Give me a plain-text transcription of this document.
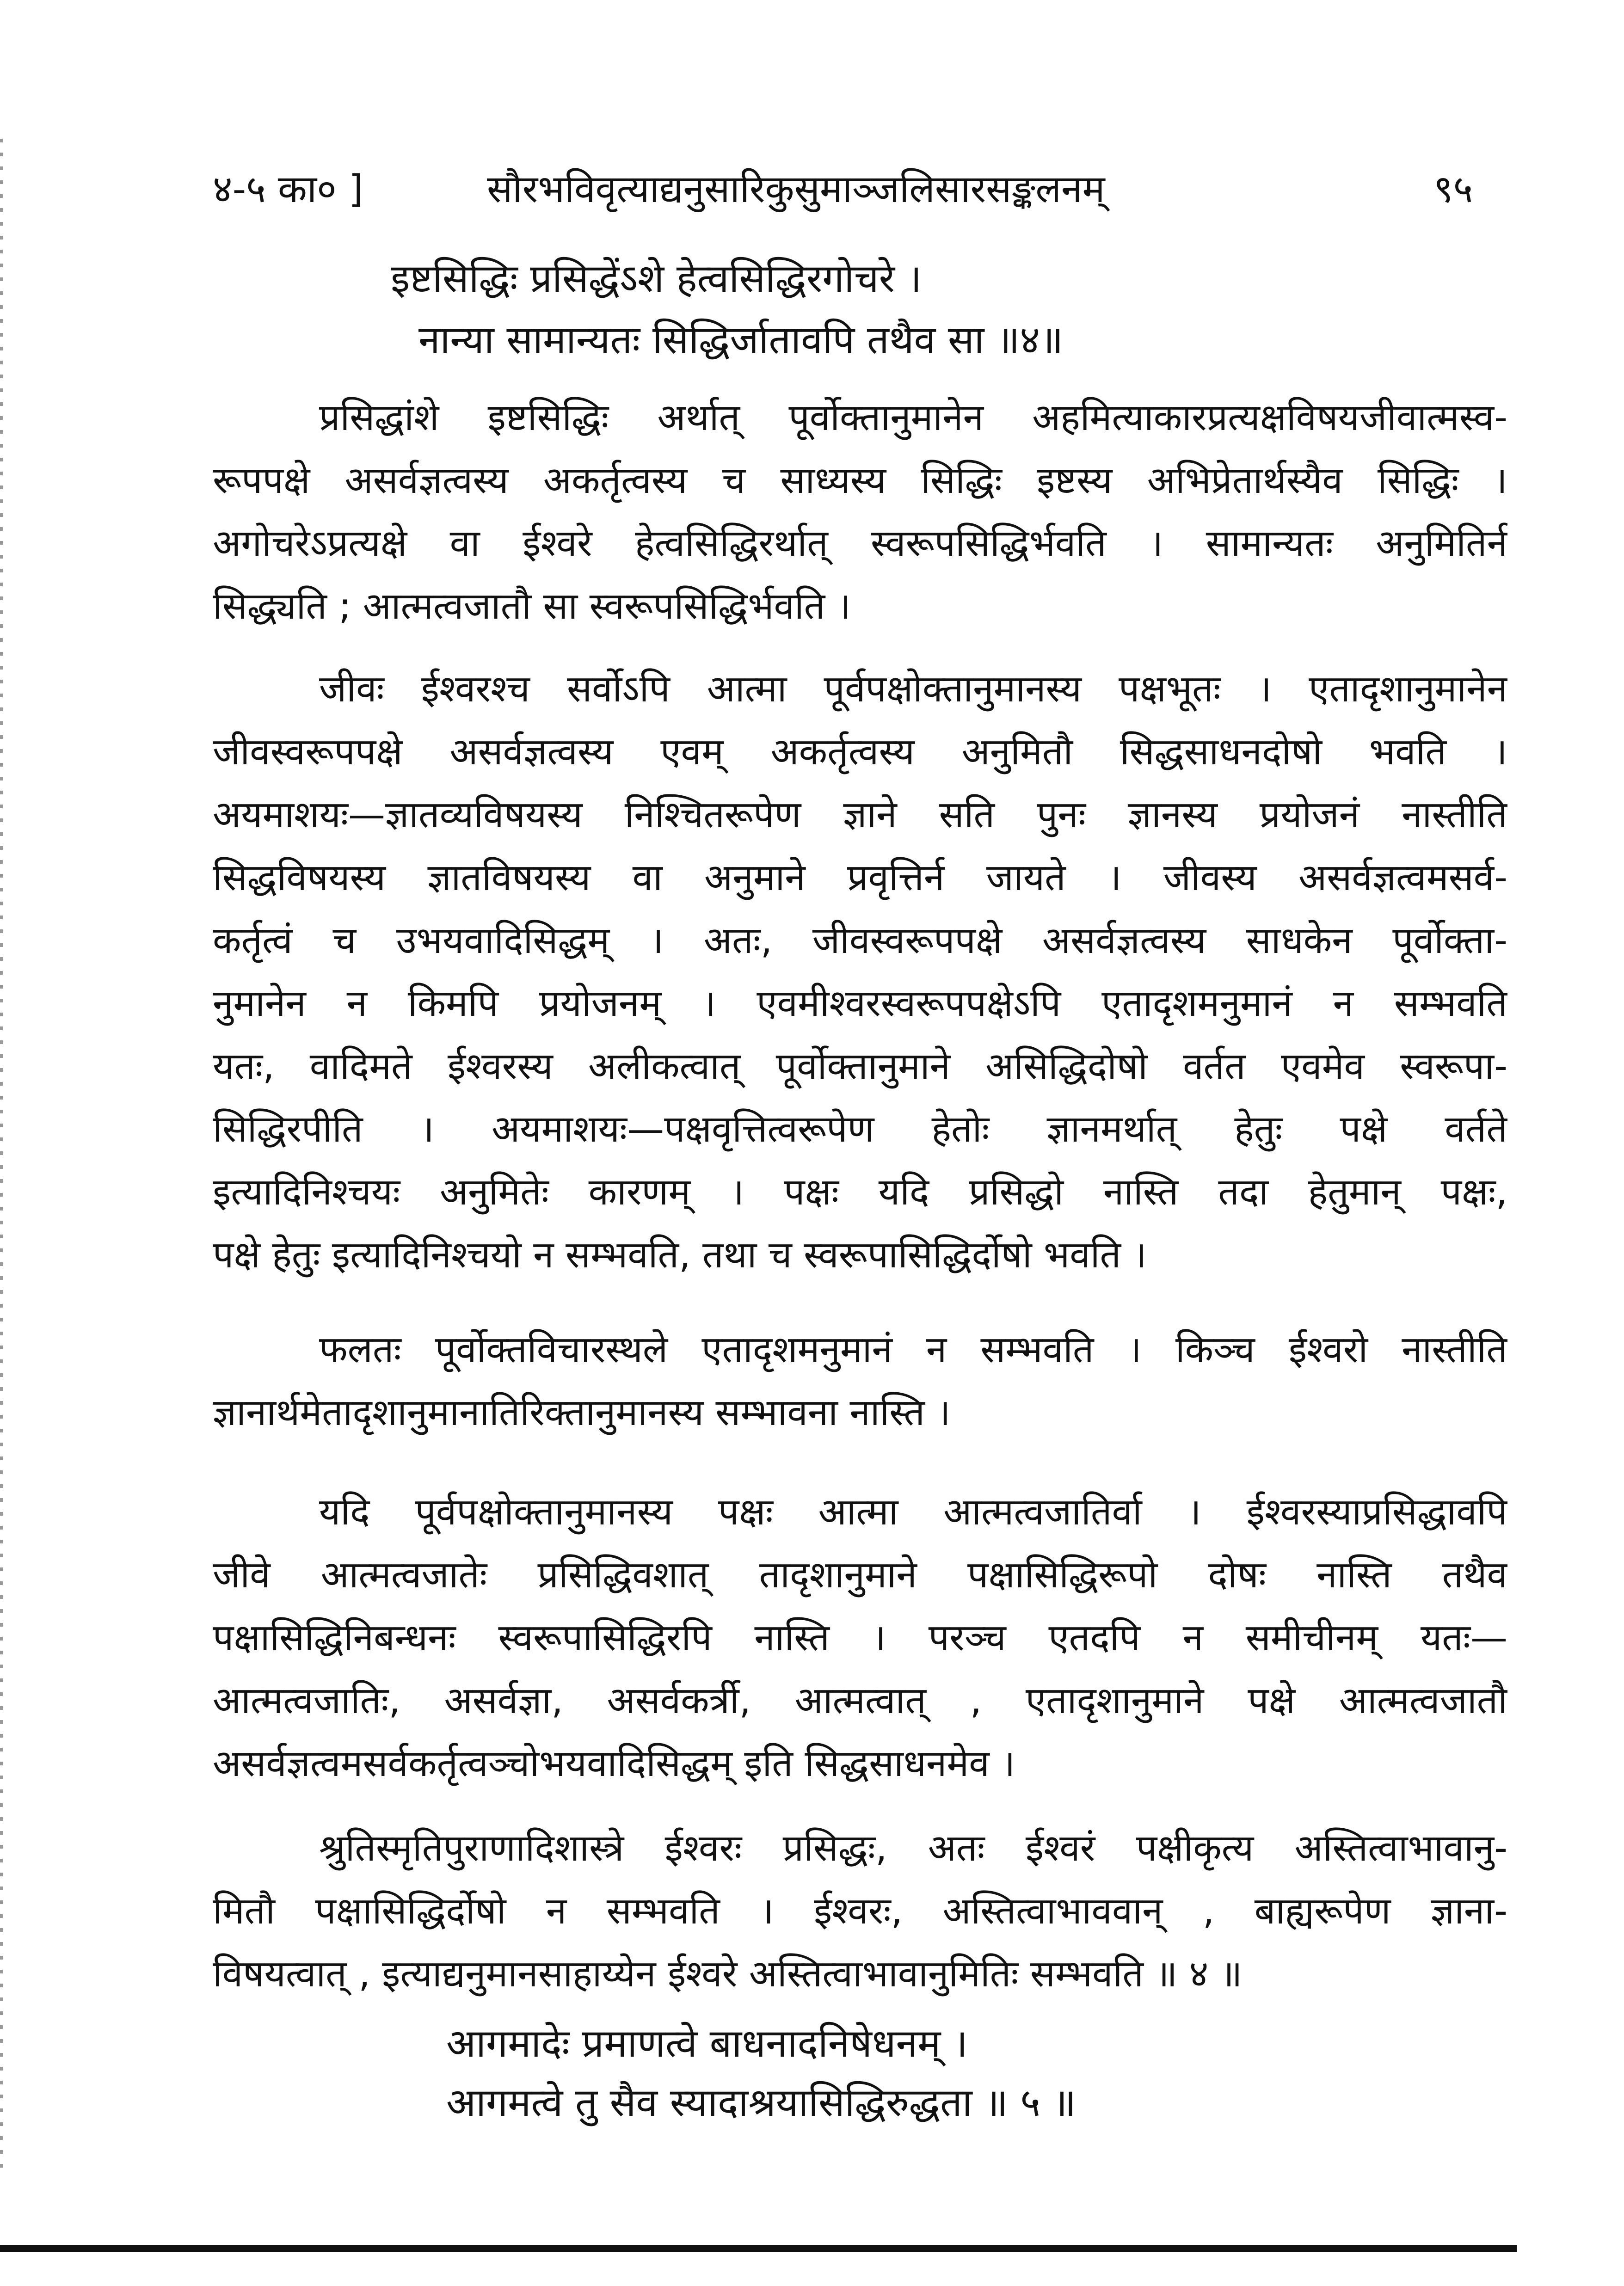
४-५ का० ]	सौरभविवृत्याद्यनुसारिकुसुमाञ्जलिसारसङ्कलनम्	९५
इष्टसिद्धिः प्रसिद्धेंऽशे हेत्वसिद्धिरगोचरे ।
नान्या सामान्यतः सिद्धिर्जातावपि तथैव सा ॥४॥
प्रसिद्धांशे इष्टसिद्धिः अर्थात् पूर्वोक्तानुमानेन अहमित्याकारप्रत्यक्षविषयजीवात्मस्व-
रूपपक्षे असर्वज्ञत्वस्य अकर्तृत्वस्य च साध्यस्य सिद्धिः इष्टस्य अभिप्रेतार्थस्यैव सिद्धिः ।
अगोचरेऽप्रत्यक्षे वा ईश्वरे हेत्वसिद्धिरर्थात् स्वरूपसिद्धिर्भवति । सामान्यतः अनुमितिर्न
सिद्ध्यति ; आत्मत्वजातौ सा स्वरूपसिद्धिर्भवति ।
जीवः ईश्वरश्च सर्वोऽपि आत्मा पूर्वपक्षोक्तानुमानस्य पक्षभूतः । एतादृशानुमानेन
जीवस्वरूपपक्षे असर्वज्ञत्वस्य एवम् अकर्तृत्वस्य अनुमितौ सिद्धसाधनदोषो भवति ।
अयमाशयः—ज्ञातव्यविषयस्य निश्चितरूपेण ज्ञाने सति पुनः ज्ञानस्य प्रयोजनं नास्तीति
सिद्धविषयस्य ज्ञातविषयस्य वा अनुमाने प्रवृत्तिर्न जायते । जीवस्य असर्वज्ञत्वमसर्व-
कर्तृत्वं च उभयवादिसिद्धम् । अतः, जीवस्वरूपपक्षे असर्वज्ञत्वस्य साधकेन पूर्वोक्ता-
नुमानेन न किमपि प्रयोजनम् । एवमीश्वरस्वरूपपक्षेऽपि एतादृशमनुमानं न सम्भवति
यतः, वादिमते ईश्वरस्य अलीकत्वात् पूर्वोक्तानुमाने असिद्धिदोषो वर्तत एवमेव स्वरूपा-
सिद्धिरपीति । अयमाशयः—पक्षवृत्तित्वरूपेण हेतोः ज्ञानमर्थात् हेतुः पक्षे वर्तते
इत्यादिनिश्चयः अनुमितेः कारणम् । पक्षः यदि प्रसिद्धो नास्ति तदा हेतुमान् पक्षः,
पक्षे हेतुः इत्यादिनिश्चयो न सम्भवति, तथा च स्वरूपासिद्धिर्दोषो भवति ।
फलतः पूर्वोक्तविचारस्थले एतादृशमनुमानं न सम्भवति । किञ्च ईश्वरो नास्तीति
ज्ञानार्थमेतादृशानुमानातिरिक्तानुमानस्य सम्भावना नास्ति ।
यदि पूर्वपक्षोक्तानुमानस्य पक्षः आत्मा आत्मत्वजातिर्वा । ईश्वरस्याप्रसिद्धावपि
जीवे आत्मत्वजातेः प्रसिद्धिवशात् तादृशानुमाने पक्षासिद्धिरूपो दोषः नास्ति तथैव
पक्षासिद्धिनिबन्धनः स्वरूपासिद्धिरपि नास्ति । परञ्च एतदपि न समीचीनम् यतः—
आत्मत्वजातिः, असर्वज्ञा, असर्वकर्त्री, आत्मत्वात् , एतादृशानुमाने पक्षे आत्मत्वजातौ
असर्वज्ञत्वमसर्वकर्तृत्वञ्चोभयवादिसिद्धम् इति सिद्धसाधनमेव ।
श्रुतिस्मृतिपुराणादिशास्त्रे ईश्वरः प्रसिद्धः, अतः ईश्वरं पक्षीकृत्य अस्तित्वाभावानु-
मितौ पक्षासिद्धिर्दोषो न सम्भवति । ईश्वरः, अस्तित्वाभाववान् , बाह्यरूपेण ज्ञाना-
विषयत्वात् , इत्याद्यनुमानसाहाय्येन ईश्वरे अस्तित्वाभावानुमितिः सम्भवति ॥ ४ ॥
आगमादेः प्रमाणत्वे बाधनादनिषेधनम् ।
आगमत्वे तु सैव स्यादाश्रयासिद्धिरुद्धता ॥ ५ ॥
